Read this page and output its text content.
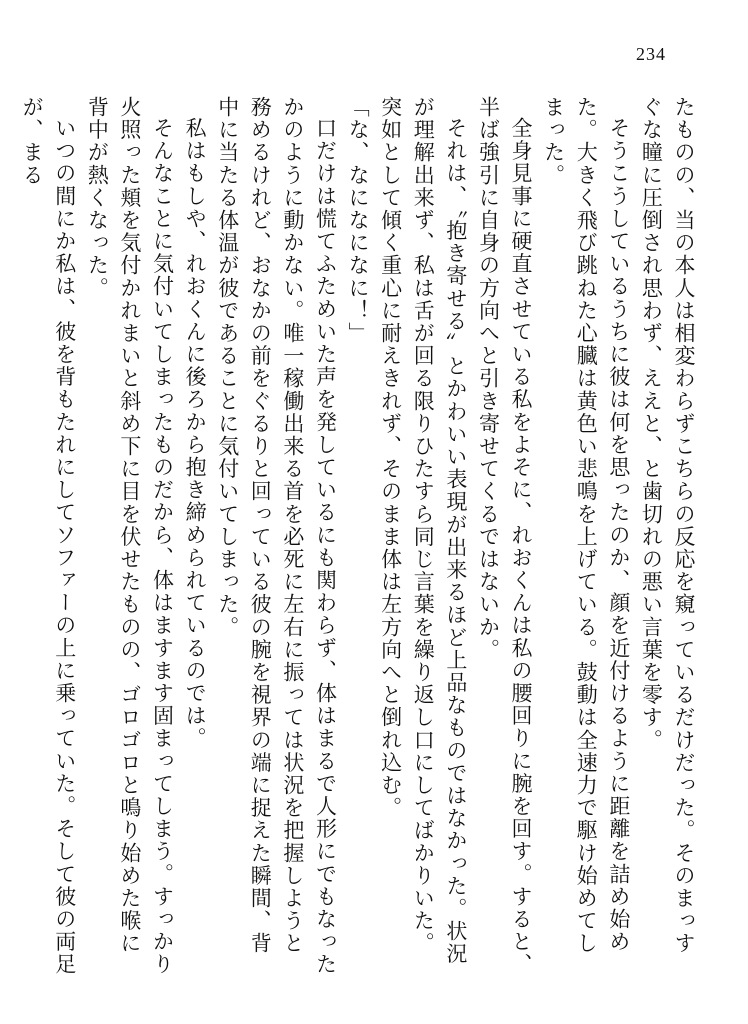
234

たものの、当の本人は相変わらずこちらの反応を窺っているだけだった。そのまっすぐな瞳に圧倒され思わず、ええと、と歯切れの悪い言葉を零す。

そうこうしているうちに彼は何を思ったのか、顔を近付けるように距離を詰め始めた。大きく飛び跳ねた心臓は黄色い悲鳴を上げている。鼓動は全速力で駆け始めてしまった。

全身見事に硬直させている私をよそに、れおくんは私の腰回りに腕を回す。すると、半ば強引に自身の方向へと引き寄せてくるではないか。

それは、〝抱き寄せる〟とかわいい表現が出来るほど上品なものではなかった。状況が理解出来ず、私は舌が回る限りひたすら同じ言葉を繰り返し口にしてばかりいた。

突如として傾く重心に耐えきれず、そのまま体は左方向へと倒れ込む。

「な、なになになに！」

口だけは慌てふためいた声を発しているにも関わらず、体はまるで人形にでもなったかのように動かない。唯一稼働出来る首を必死に左右に振っては状況を把握しようと務めるけれど、おなかの前をぐるりと回っている彼の腕を視界の端に捉えた瞬間、背中に当たる体温が彼であることに気付いてしまった。

私はもしや、れおくんに後ろから抱き締められているのでは。

そんなことに気付いてしまったものだから、体はますます固まってしまう。すっかり火照った頬を気付かれまいと斜め下に目を伏せたものの、ゴロゴロと鳴り始めた喉に背中が熱くなった。

いつの間にか私は、彼を背もたれにしてソファーの上に乗っていた。そして彼の両足が、まる
